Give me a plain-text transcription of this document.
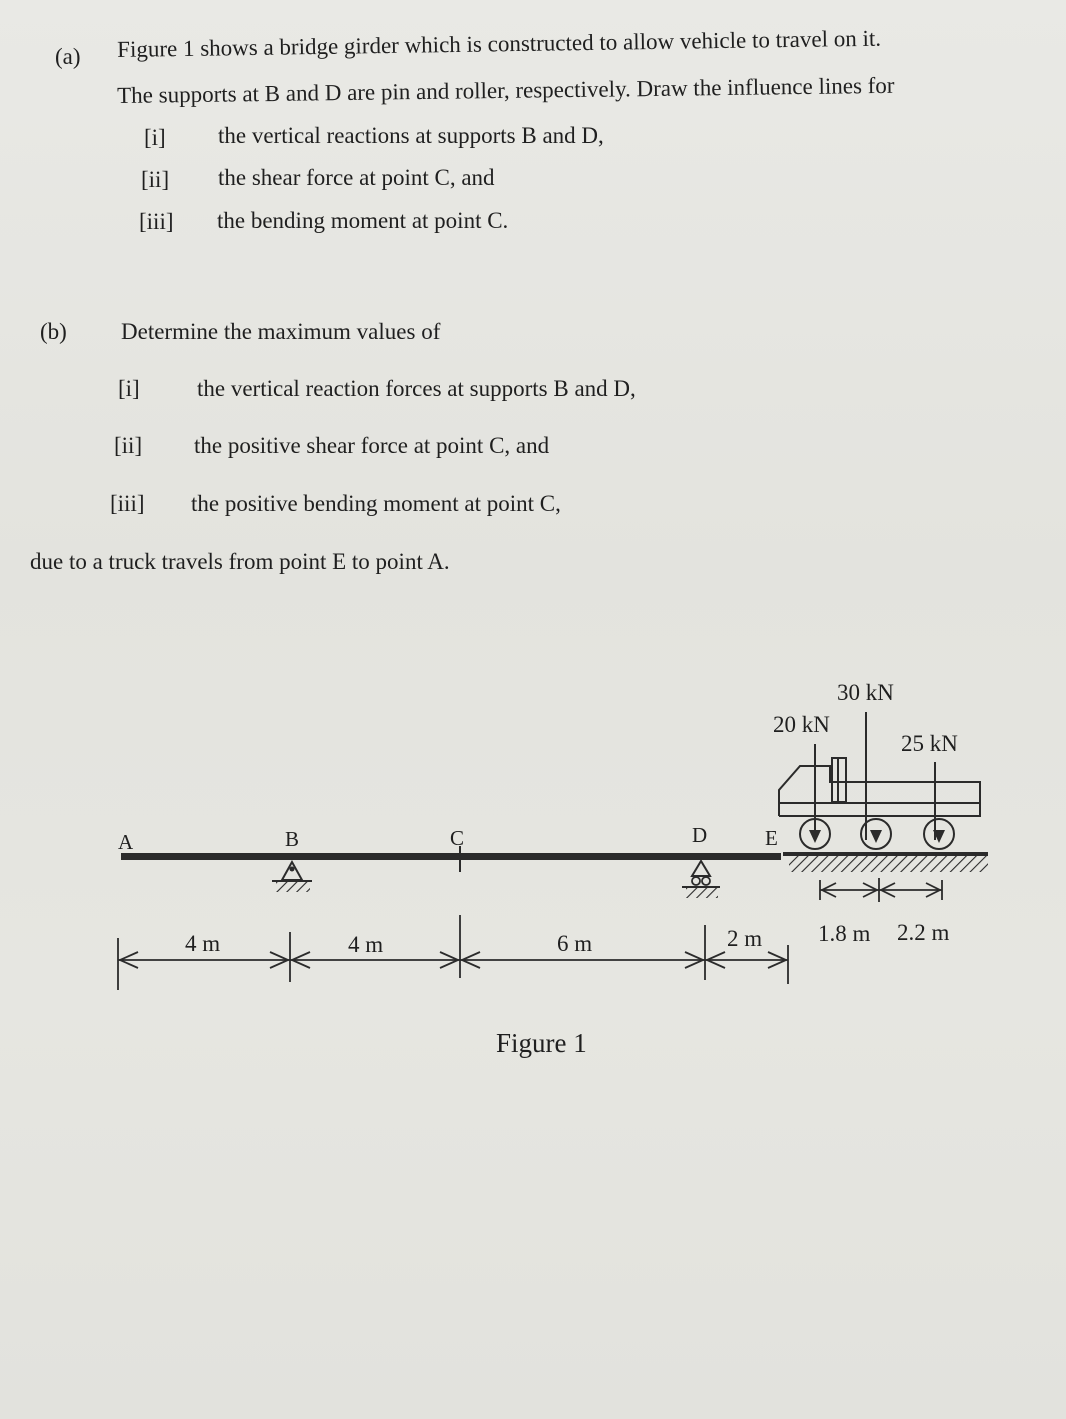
(a) Figure 1 shows a bridge girder which is constructed to allow vehicle to travel on it.
The supports at B and D are pin and roller, respectively. Draw the influence lines for
[i] the vertical reactions at supports B and D,
[ii] the shear force at point C, and
[iii] the bending moment at point C.
(b) Determine the maximum values of
[i] the vertical reaction forces at supports B and D,
[ii] the positive shear force at point C, and
[iii] the positive bending moment at point C,
due to a truck travels from point E to point A.
A	B	C	D	E
4 m	4 m	6 m	2 m
20 kN
30 kN
25 kN
1.8 m 2.2 m
Figure 1
